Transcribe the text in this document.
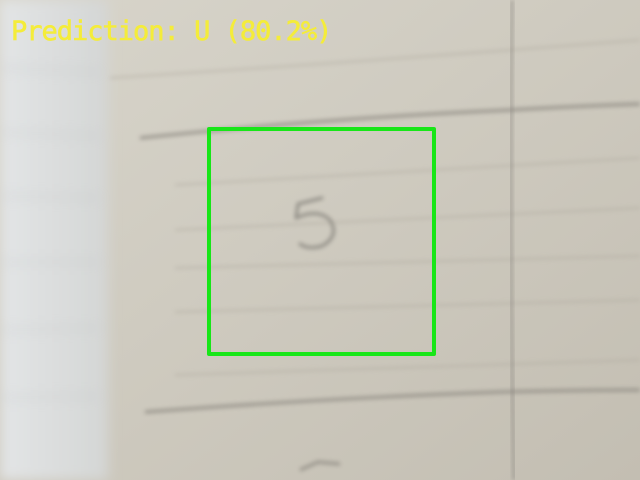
Prediction: U (80.2%)
